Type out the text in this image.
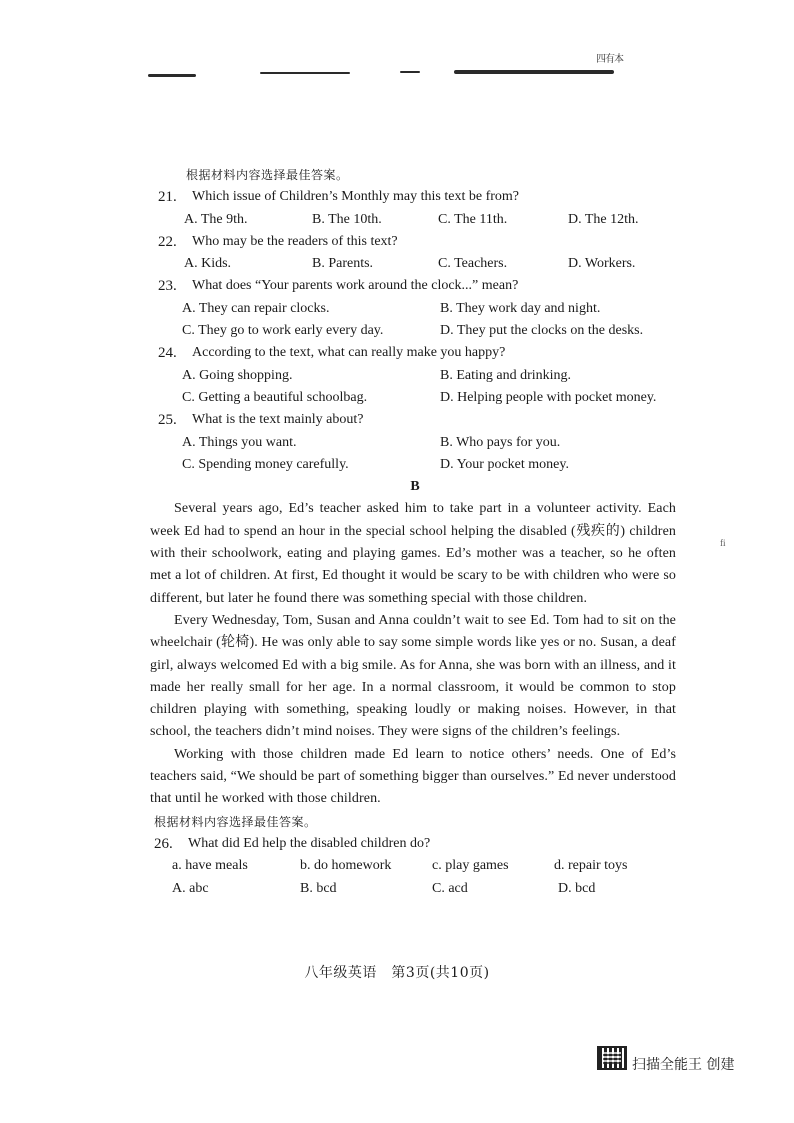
四有本
根据材料内容选择最佳答案。
21.	Which issue of Children’s Monthly may this text be from?
A. The 9th.	B. The 10th.	C. The 11th.	D. The 12th.
22.	Who may be the readers of this text?
A. Kids.	B. Parents.	C. Teachers.	D. Workers.
23.	What does “Your parents work around the clock...” mean?
A. They can repair clocks.	B. They work day and night.
C. They go to work early every day.	D. They put the clocks on the desks.
24.	According to the text, what can really make you happy?
A. Going shopping.	B. Eating and drinking.
C. Getting a beautiful schoolbag.	D. Helping people with pocket money.
25.	What is the text mainly about?
A. Things you want.	B. Who pays for you.
C. Spending money carefully.	D. Your pocket money.
B

Several years ago, Ed’s teacher asked him to take part in a volunteer activity. Each week Ed had to spend an hour in the special school helping the disabled (残疾的) children with their schoolwork, eating and playing games. Ed’s mother was a teacher, so he often met a lot of children. At first, Ed thought it would be scary to be with children who were so different, but later he found there was something special with those children.

Every Wednesday, Tom, Susan and Anna couldn’t wait to see Ed. Tom had to sit on the wheelchair (轮椅). He was only able to say some simple words like yes or no. Susan, a deaf girl, always welcomed Ed with a big smile. As for Anna, she was born with an illness, and it made her really small for her age. In a normal classroom, it would be common to stop children playing with something, speaking loudly or making noises. However, in that school, the teachers didn’t mind noises. They were signs of the children’s feelings.

Working with those children made Ed learn to notice others’ needs. One of Ed’s teachers said, “We should be part of something bigger than ourselves.” Ed never understood that until he worked with those children.

根据材料内容选择最佳答案。
26.	What did Ed help the disabled children do?
a. have meals	b. do homework	c. play games	d. repair toys
A. abc	B. bcd	C. acd	D. bcd
fi
八年级英语　第3页(共10页)
扫描全能王 创建
